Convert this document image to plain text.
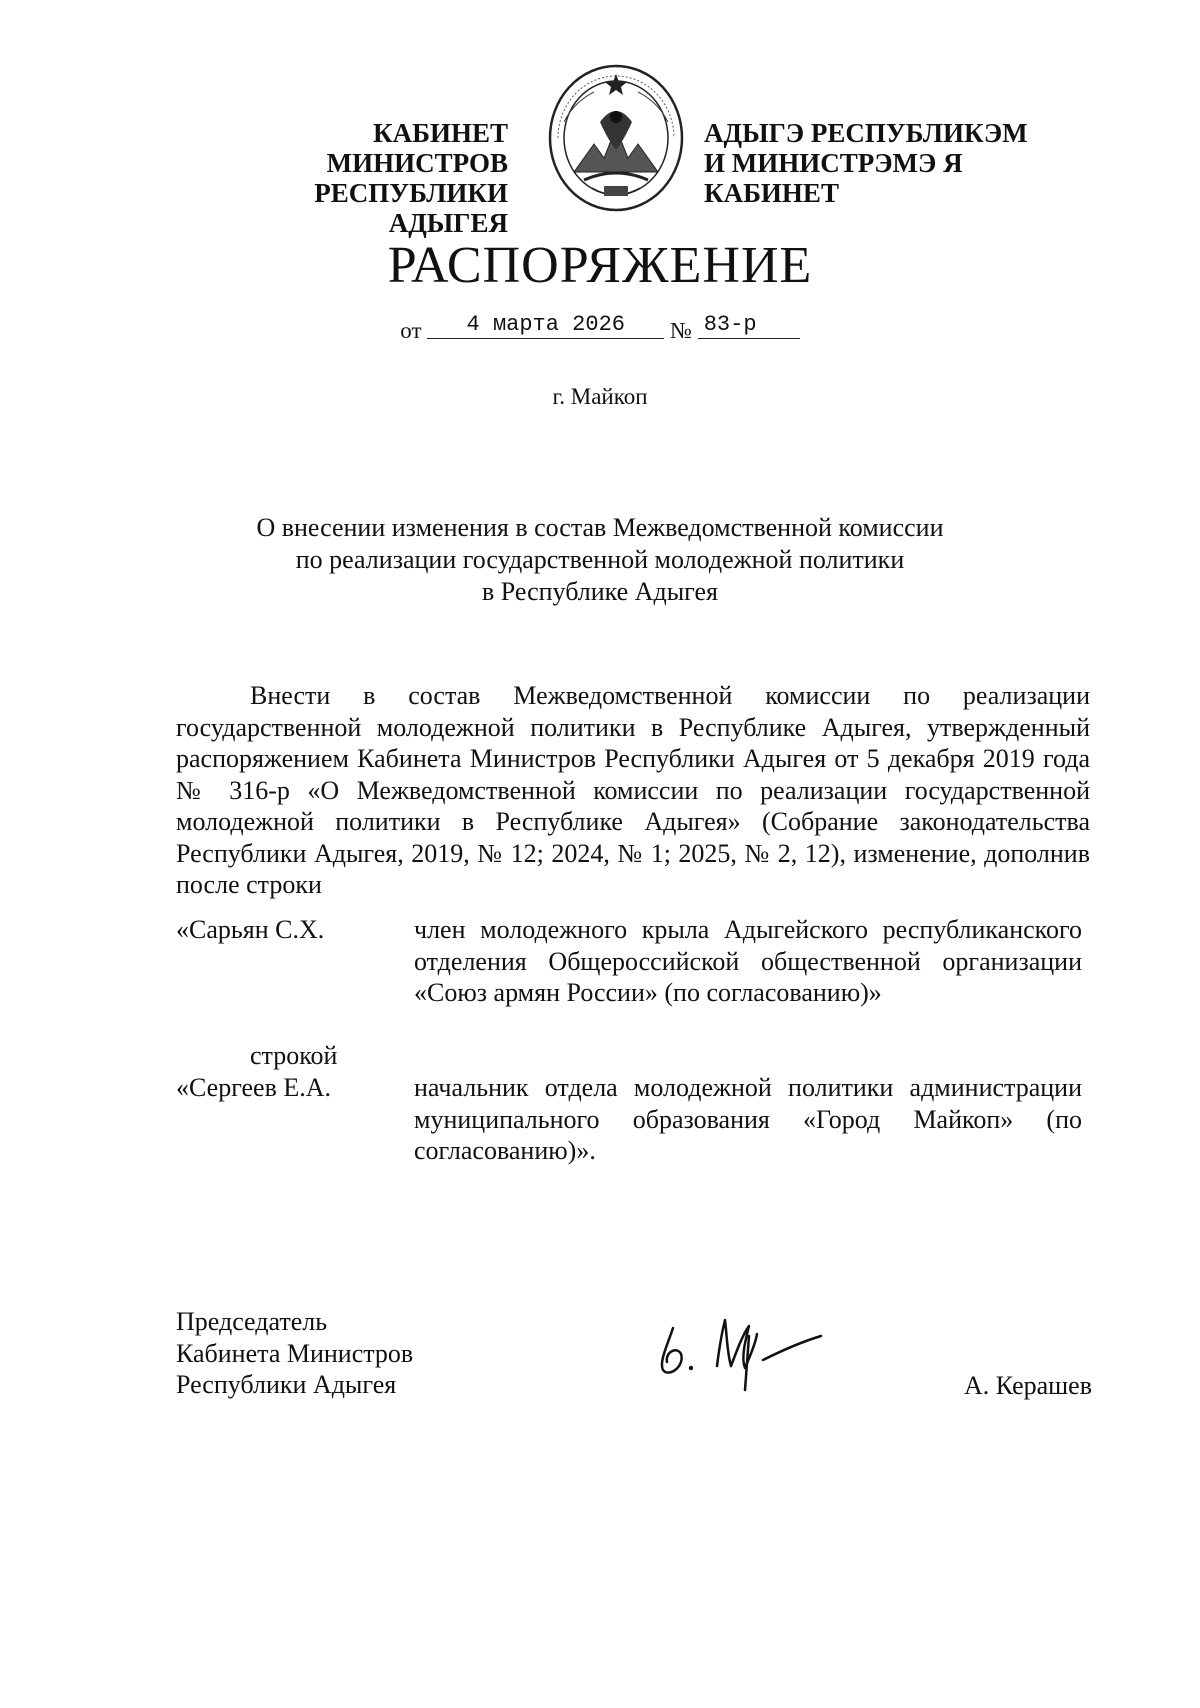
КАБИНЕТ МИНИСТРОВ
РЕСПУБЛИКИ АДЫГЕЯ
АДЫГЭ РЕСПУБЛИКЭМ
И МИНИСТРЭМЭ Я КАБИНЕТ
РАСПОРЯЖЕНИЕ
от 4 марта 2026 № 83-р
г. Майкоп
О внесении изменения в состав Межведомственной комиссии
по реализации государственной молодежной политики
в Республике Адыгея
Внести в состав Межведомственной комиссии по реализации государственной молодежной политики в Республике Адыгея, утвержденный распоряжением Кабинета Министров Республики Адыгея от 5 декабря 2019 года № 316-р «О Межведомственной комиссии по реализации государственной молодежной политики в Республике Адыгея» (Собрание законодательства Республики Адыгея, 2019, № 12; 2024, № 1; 2025, № 2, 12), изменение, дополнив после строки
«Сарьян С.Х.	член молодежного крыла Адыгейского республиканского отделения Общероссийской общественной организации «Союз армян России» (по согласованию)»
строкой
«Сергеев Е.А.	начальник отдела молодежной политики администрации муниципального образования «Город Майкоп» (по согласованию)».
Председатель
Кабинета Министров
Республики Адыгея	А. Керашев
